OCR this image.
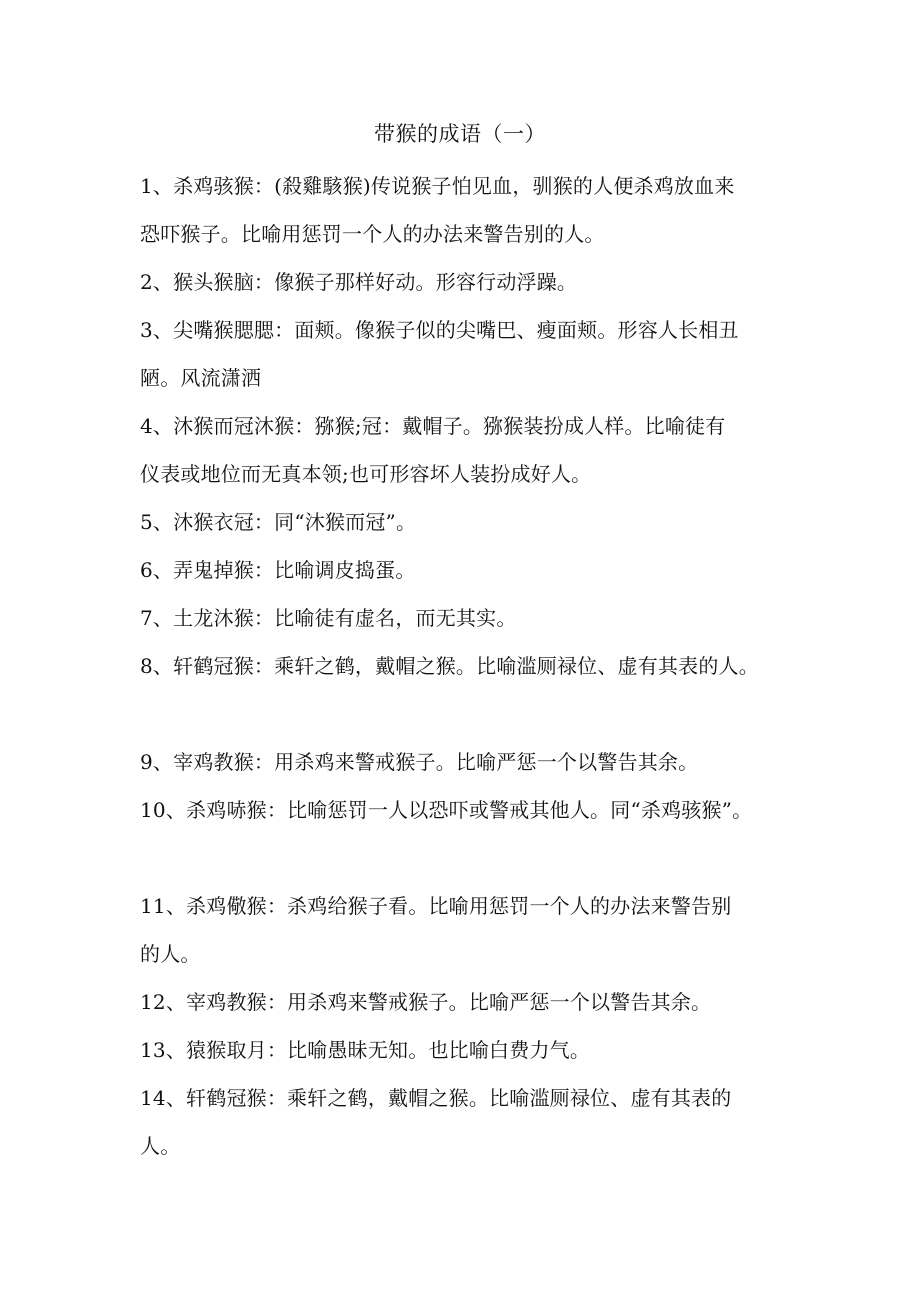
带猴的成语（一）

1、杀鸡骇猴：(殺雞駭猴)传说猴子怕见血，驯猴的人便杀鸡放血来

恐吓猴子。比喻用惩罚一个人的办法来警告别的人。

2、猴头猴脑：像猴子那样好动。形容行动浮躁。

3、尖嘴猴腮腮：面颊。像猴子似的尖嘴巴、瘦面颊。形容人长相丑

陋。风流潇洒

4、沐猴而冠沐猴：猕猴;冠：戴帽子。猕猴装扮成人样。比喻徒有

仪表或地位而无真本领;也可形容坏人装扮成好人。

5、沐猴衣冠：同“沐猴而冠”。

6、弄鬼掉猴：比喻调皮捣蛋。

7、土龙沐猴：比喻徒有虚名，而无其实。

8、轩鹤冠猴：乘轩之鹤，戴帽之猴。比喻滥厕禄位、虚有其表的人。

9、宰鸡教猴：用杀鸡来警戒猴子。比喻严惩一个以警告其余。

10、杀鸡哧猴：比喻惩罚一人以恐吓或警戒其他人。同“杀鸡骇猴”。

11、杀鸡儆猴：杀鸡给猴子看。比喻用惩罚一个人的办法来警告别

的人。

12、宰鸡教猴：用杀鸡来警戒猴子。比喻严惩一个以警告其余。

13、猿猴取月：比喻愚昧无知。也比喻白费力气。

14、轩鹤冠猴：乘轩之鹤，戴帽之猴。比喻滥厕禄位、虚有其表的

人。
